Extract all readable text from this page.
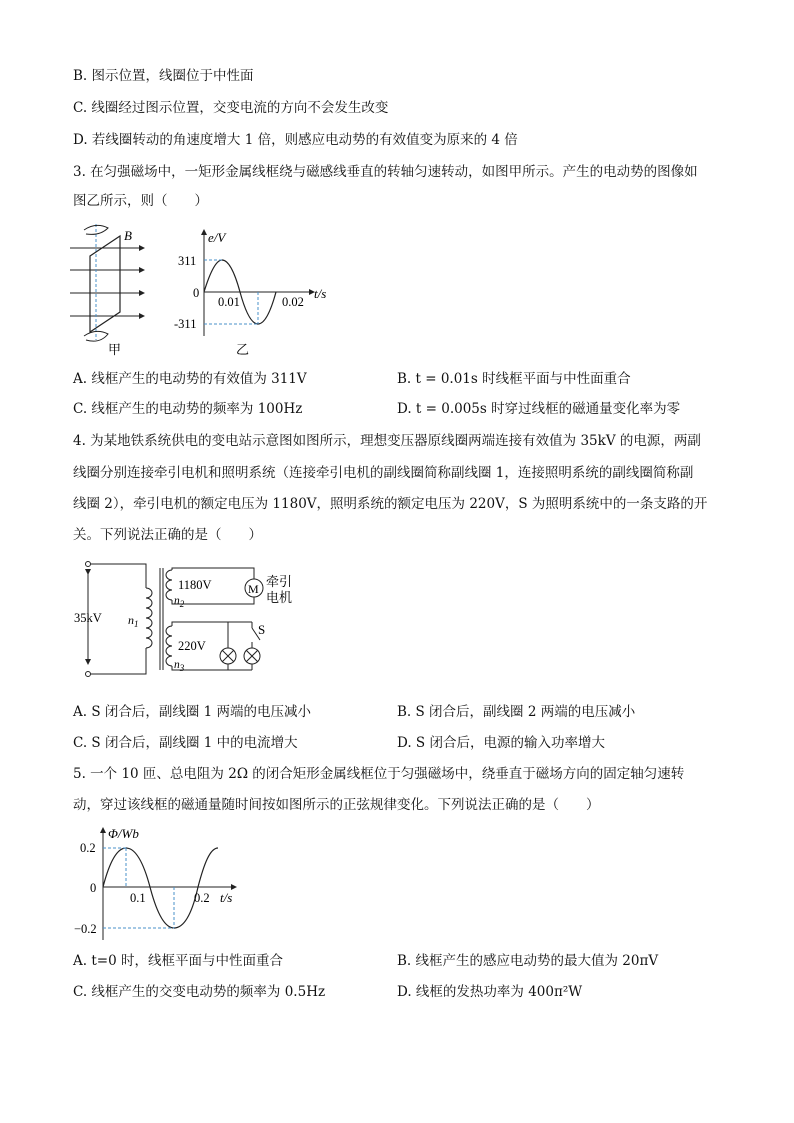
B. 图示位置，线圈位于中性面
C. 线圈经过图示位置，交变电流的方向不会发生改变
D. 若线圈转动的角速度增大 1 倍，则感应电动势的有效值变为原来的 4 倍
3. 在匀强磁场中，一矩形金属线框绕与磁感线垂直的转轴匀速转动，如图甲所示。产生的电动势的图像如
图乙所示，则（　　）
B
甲
e/V
311
0
-311
0.01	0.02
t/s
乙
A. 线框产生的电动势的有效值为 311V	B. t = 0.01s 时线框平面与中性面重合
C. 线框产生的电动势的频率为 100Hz	D. t = 0.005s 时穿过线框的磁通量变化率为零
4. 为某地铁系统供电的变电站示意图如图所示，理想变压器原线圈两端连接有效值为 35kV 的电源，两副
线圈分别连接牵引电机和照明系统（连接牵引电机的副线圈简称副线圈 1，连接照明系统的副线圈简称副
线圈 2），牵引电机的额定电压为 1180V，照明系统的额定电压为 220V，S 为照明系统中的一条支路的开
关。下列说法正确的是（　　）
35kV $n_1$
M
1180V
$n_2$
牵引
电机
S
220V
$n_3$
A. S 闭合后，副线圈 1 两端的电压减小	B. S 闭合后，副线圈 2 两端的电压减小
C. S 闭合后，副线圈 1 中的电流增大	D. S 闭合后，电源的输入功率增大
5. 一个 10 匝、总电阻为 2Ω 的闭合矩形金属线框位于匀强磁场中，绕垂直于磁场方向的固定轴匀速转
动，穿过该线框的磁通量随时间按如图所示的正弦规律变化。下列说法正确的是（　　）
Φ/Wb
0.2
0
−0.2
0.1	0.2 t/s
A. t=0 时，线框平面与中性面重合	B. 线框产生的感应电动势的最大值为 20πV
C. 线框产生的交变电动势的频率为 0.5Hz	D. 线框的发热功率为 400π²W
